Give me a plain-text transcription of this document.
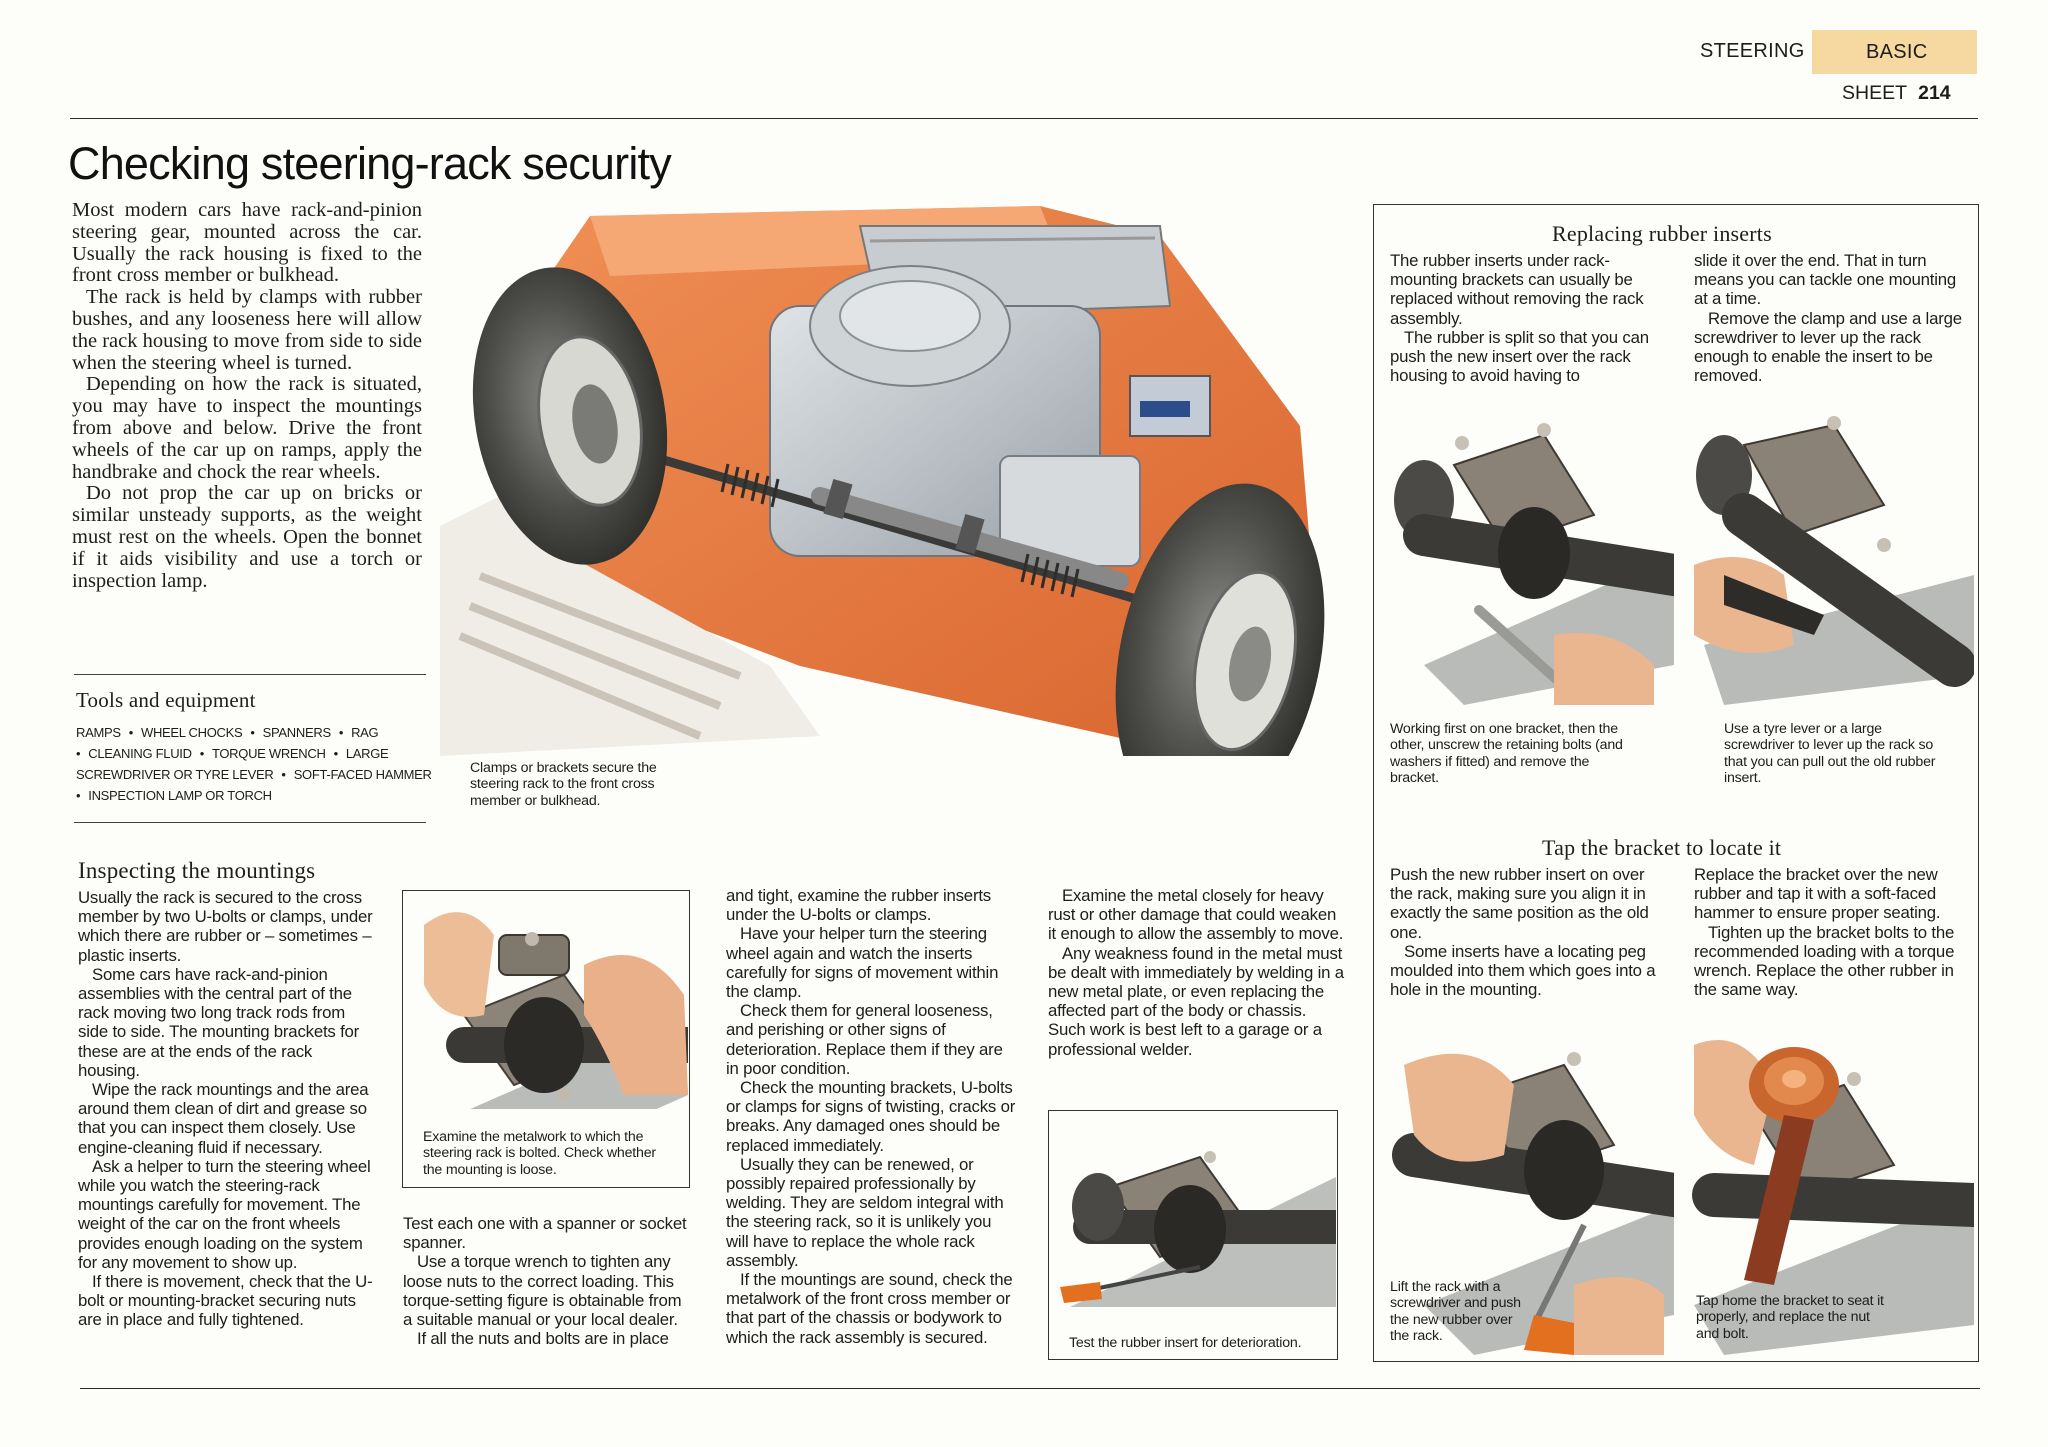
STEERING	BASIC
SHEET 214
Checking steering-rack security

Most modern cars have rack-and-pinion steering gear, mounted across the car. Usually the rack housing is fixed to the front cross member or bulkhead.

The rack is held by clamps with rubber bushes, and any looseness here will allow the rack housing to move from side to side when the steering wheel is turned.

Depending on how the rack is situated, you may have to inspect the mountings from above and below. Drive the front wheels of the car up on ramps, apply the handbrake and chock the rear wheels.

Do not prop the car up on bricks or similar unsteady supports, as the weight must rest on the wheels. Open the bonnet if it aids visibility and use a torch or inspection lamp.

Tools and equipment
RAMPS • WHEEL CHOCKS • SPANNERS • RAG
• CLEANING FLUID • TORQUE WRENCH • LARGE
SCREWDRIVER OR TYRE LEVER • SOFT-FACED HAMMER
• INSPECTION LAMP OR TORCH
Clamps or brackets secure the steering rack to the front cross member or bulkhead.
Inspecting the mountings

Usually the rack is secured to the cross member by two U-bolts or clamps, under which there are rubber or – sometimes – plastic inserts.

Some cars have rack-and-pinion assemblies with the central part of the rack moving two long track rods from side to side. The mounting brackets for these are at the ends of the rack housing.

Wipe the rack mountings and the area around them clean of dirt and grease so that you can inspect them closely. Use engine-cleaning fluid if necessary.

Ask a helper to turn the steering wheel while you watch the steering-rack mountings carefully for movement. The weight of the car on the front wheels provides enough loading on the system for any movement to show up.

If there is movement, check that the U-bolt or mounting-bracket securing nuts are in place and fully tightened.

Examine the metalwork to which the steering rack is bolted. Check whether the mounting is loose.

Test each one with a spanner or socket spanner.

Use a torque wrench to tighten any loose nuts to the correct loading. This torque-setting figure is obtainable from a suitable manual or your local dealer.

If all the nuts and bolts are in place

and tight, examine the rubber inserts under the U-bolts or clamps.

Have your helper turn the steering wheel again and watch the inserts carefully for signs of movement within the clamp.

Check them for general looseness, and perishing or other signs of deterioration. Replace them if they are in poor condition.

Check the mounting brackets, U-bolts or clamps for signs of twisting, cracks or breaks. Any damaged ones should be replaced immediately.

Usually they can be renewed, or possibly repaired professionally by welding. They are seldom integral with the steering rack, so it is unlikely you will have to replace the whole rack assembly.

If the mountings are sound, check the metalwork of the front cross member or that part of the chassis or bodywork to which the rack assembly is secured.

Examine the metal closely for heavy rust or other damage that could weaken it enough to allow the assembly to move.

Any weakness found in the metal must be dealt with immediately by welding in a new metal plate, or even replacing the affected part of the body or chassis. Such work is best left to a garage or a professional welder.

Test the rubber insert for deterioration.
Replacing rubber inserts

The rubber inserts under rack-mounting brackets can usually be replaced without removing the rack assembly.

The rubber is split so that you can push the new insert over the rack housing to avoid having to

slide it over the end. That in turn means you can tackle one mounting at a time.

Remove the clamp and use a large screwdriver to lever up the rack enough to enable the insert to be removed.

Working first on one bracket, then the other, unscrew the retaining bolts (and washers if fitted) and remove the bracket.
Use a tyre lever or a large screwdriver to lever up the rack so that you can pull out the old rubber insert.
Tap the bracket to locate it

Push the new rubber insert on over the rack, making sure you align it in exactly the same position as the old one.

Some inserts have a locating peg moulded into them which goes into a hole in the mounting.

Replace the bracket over the new rubber and tap it with a soft-faced hammer to ensure proper seating.

Tighten up the bracket bolts to the recommended loading with a torque wrench. Replace the other rubber in the same way.

Lift the rack with a screwdriver and push the new rubber over the rack.
Tap home the bracket to seat it properly, and replace the nut and bolt.
